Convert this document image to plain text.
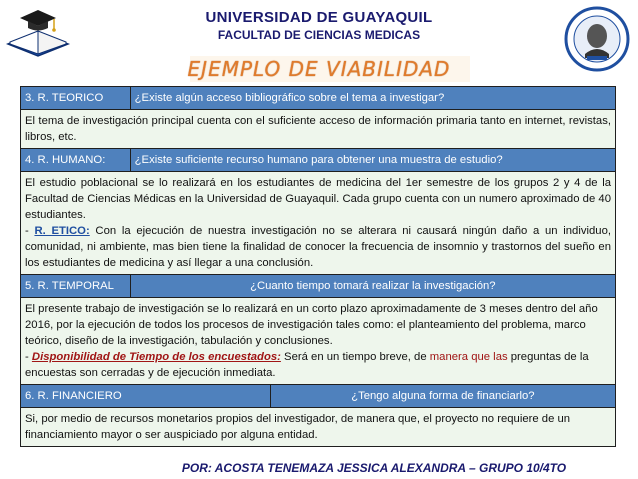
UNIVERSIDAD DE GUAYAQUIL
FACULTAD DE CIENCIAS MEDICAS
EJEMPLO DE VIABILIDAD
3. R. TEORICO	¿Existe algún acceso bibliográfico sobre el tema a investigar?	

El tema de investigación principal cuenta con el suficiente acceso de información primaria tanto en internet, revistas, libros, etc.		

4. R. HUMANO:	¿Existe suficiente recurso humano para obtener una muestra de estudio?	

El estudio poblacional se lo realizará en los estudiantes de medicina del 1er semestre de los grupos 2 y 4 de la Facultad de Ciencias Médicas en la Universidad de Guayaquil. Cada grupo cuenta con un numero aproximado de 40 estudiantes.
- R. ETICO: Con la ejecución de nuestra investigación no se alterara ni causará ningún daño a un individuo, comunidad, ni ambiente, mas bien tiene la finalidad de conocer la frecuencia de insomnio y trastornos del sueño en los estudiantes de medicina y así llegar a una conclusión.		

5. R. TEMPORAL	¿Cuanto tiempo tomará realizar la investigación?	

El presente trabajo de investigación se lo realizará en un corto plazo aproximadamente de 3 meses dentro del año 2016, por la ejecución de todos los procesos de investigación tales como: el planteamiento del problema, marco teórico, diseño de la investigación, tabulación y conclusiones.
- Disponibilidad de Tiempo de los encuestados: Será en un tiempo breve, de manera que las preguntas de la encuestas son cerradas y de ejecución inmediata.		

6. R. FINANCIERO		¿Tengo alguna forma de financiarlo?

Si, por medio de recursos monetarios propios del investigador, de manera que, el proyecto no requiere de un financiamiento mayor o ser auspiciado por alguna entidad.		
POR: ACOSTA TENEMAZA JESSICA ALEXANDRA – GRUPO 10/4TO
